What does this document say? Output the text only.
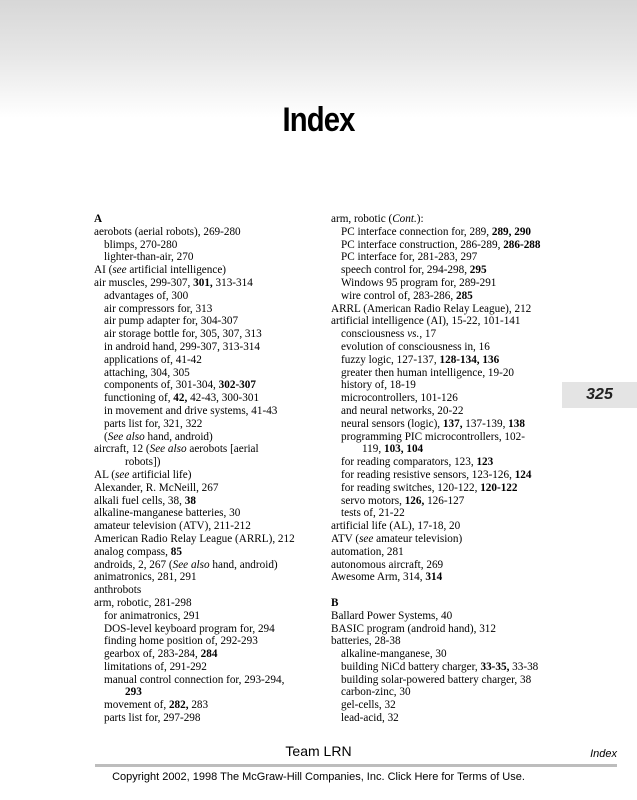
Index
A
aerobots (aerial robots), 269-280
blimps, 270-280
lighter-than-air, 270
AI (see artificial intelligence)
air muscles, 299-307, 301, 313-314
advantages of, 300
air compressors for, 313
air pump adapter for, 304-307
air storage bottle for, 305, 307, 313
in android hand, 299-307, 313-314
applications of, 41-42
attaching, 304, 305
components of, 301-304, 302-307
functioning of, 42, 42-43, 300-301
in movement and drive systems, 41-43
parts list for, 321, 322
(See also hand, android)
aircraft, 12 (See also aerobots [aerial
robots])
AL (see artificial life)
Alexander, R. McNeill, 267
alkali fuel cells, 38, 38
alkaline-manganese batteries, 30
amateur television (ATV), 211-212
American Radio Relay League (ARRL), 212
analog compass, 85
androids, 2, 267 (See also hand, android)
animatronics, 281, 291
anthrobots
arm, robotic, 281-298
for animatronics, 291
DOS-level keyboard program for, 294
finding home position of, 292-293
gearbox of, 283-284, 284
limitations of, 291-292
manual control connection for, 293-294,
293
movement of, 282, 283
parts list for, 297-298
arm, robotic (Cont.):
PC interface connection for, 289, 289, 290
PC interface construction, 286-289, 286-288
PC interface for, 281-283, 297
speech control for, 294-298, 295
Windows 95 program for, 289-291
wire control of, 283-286, 285
ARRL (American Radio Relay League), 212
artificial intelligence (AI), 15-22, 101-141
consciousness vs., 17
evolution of consciousness in, 16
fuzzy logic, 127-137, 128-134, 136
greater then human intelligence, 19-20
history of, 18-19
microcontrollers, 101-126
and neural networks, 20-22
neural sensors (logic), 137, 137-139, 138
programming PIC microcontrollers, 102-
119, 103, 104
for reading comparators, 123, 123
for reading resistive sensors, 123-126, 124
for reading switches, 120-122, 120-122
servo motors, 126, 126-127
tests of, 21-22
artificial life (AL), 17-18, 20
ATV (see amateur television)
automation, 281
autonomous aircraft, 269
Awesome Arm, 314, 314
B
Ballard Power Systems, 40
BASIC program (android hand), 312
batteries, 28-38
alkaline-manganese, 30
building NiCd battery charger, 33-35, 33-38
building solar-powered battery charger, 38
carbon-zinc, 30
gel-cells, 32
lead-acid, 32
325
Team LRN	Index
Copyright 2002, 1998 The McGraw-Hill Companies, Inc. Click Here for Terms of Use.
